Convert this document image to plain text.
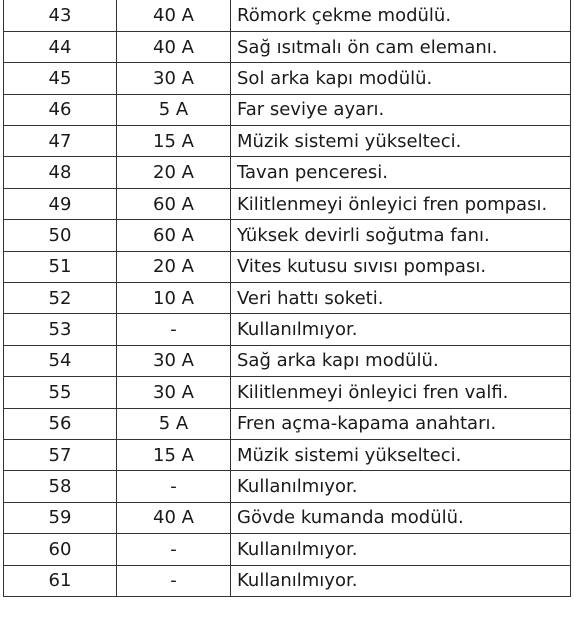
43	40 A	Römork çekme modülü.
44	40 A	Sağ ısıtmalı ön cam elemanı.
45	30 A	Sol arka kapı modülü.
46	5 A	Far seviye ayarı.
47	15 A	Müzik sistemi yükselteci.
48	20 A	Tavan penceresi.
49	60 A	Kilitlenmeyi önleyici fren pompası.
50	60 A	Yüksek devirli soğutma fanı.
51	20 A	Vites kutusu sıvısı pompası.
52	10 A	Veri hattı soketi.
53	-	Kullanılmıyor.
54	30 A	Sağ arka kapı modülü.
55	30 A	Kilitlenmeyi önleyici fren valfi.
56	5 A	Fren açma-kapama anahtarı.
57	15 A	Müzik sistemi yükselteci.
58	-	Kullanılmıyor.
59	40 A	Gövde kumanda modülü.
60	-	Kullanılmıyor.
61	-	Kullanılmıyor.
